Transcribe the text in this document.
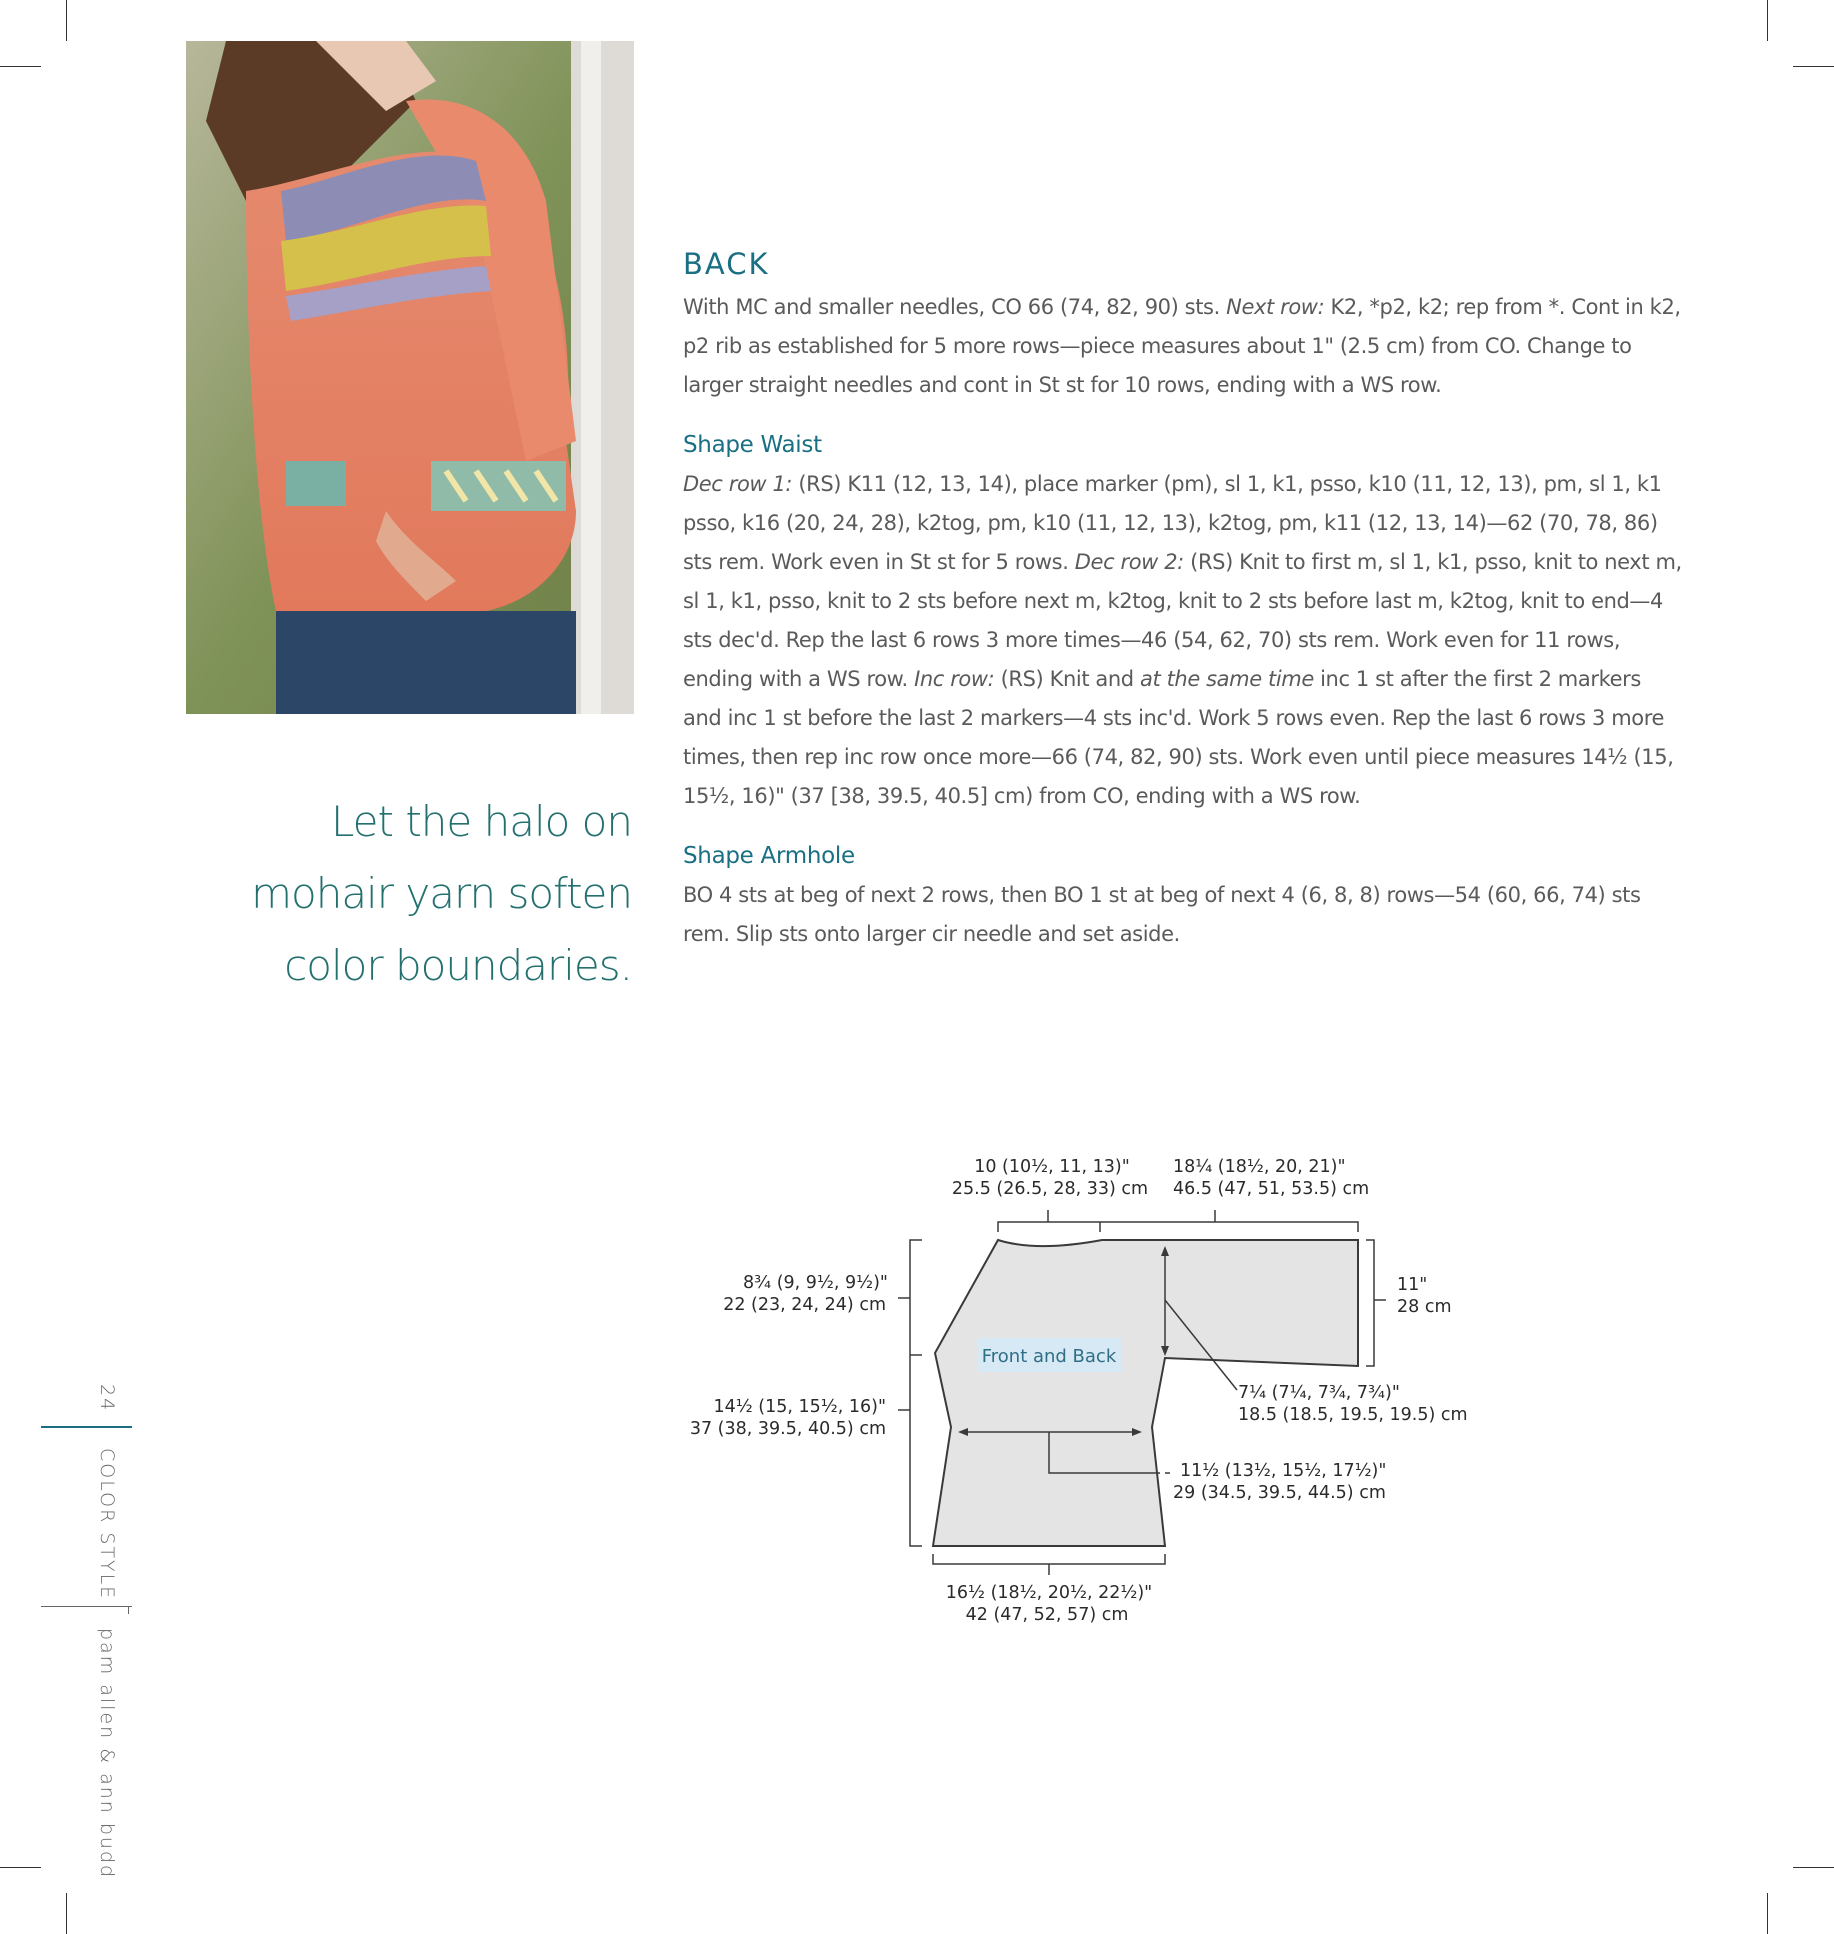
Let the halo on
mohair yarn soften
color boundaries.
BACK

With MC and smaller needles, CO 66 (74, 82, 90) sts. Next row: K2, *p2, k2; rep from *. Cont in k2, p2 rib as established for 5 more rows—piece measures about 1" (2.5 cm) from CO. Change to larger straight needles and cont in St st for 10 rows, ending with a WS row.

Shape Waist

Dec row 1: (RS) K11 (12, 13, 14), place marker (pm), sl 1, k1, psso, k10 (11, 12, 13), pm, sl 1, k1 psso, k16 (20, 24, 28), k2tog, pm, k10 (11, 12, 13), k2tog, pm, k11 (12, 13, 14)—62 (70, 78, 86) sts rem. Work even in St st for 5 rows. Dec row 2: (RS) Knit to first m, sl 1, k1, psso, knit to next m, sl 1, k1, psso, knit to 2 sts before next m, k2tog, knit to 2 sts before last m, k2tog, knit to end—4 sts dec'd. Rep the last 6 rows 3 more times—46 (54, 62, 70) sts rem. Work even for 11 rows, ending with a WS row. Inc row: (RS) Knit and at the same time inc 1 st after the first 2 markers and inc 1 st before the last 2 markers—4 sts inc'd. Work 5 rows even. Rep the last 6 rows 3 more times, then rep inc row once more—66 (74, 82, 90) sts. Work even until piece measures 14½ (15, 15½, 16)" (37 [38, 39.5, 40.5] cm) from CO, ending with a WS row.

Shape Armhole

BO 4 sts at beg of next 2 rows, then BO 1 st at beg of next 4 (6, 8, 8) rows—54 (60, 66, 74) sts rem. Slip sts onto larger cir needle and set aside.

Front and Back
10 (10½, 11, 13)"
25.5 (26.5, 28, 33) cm
18¼ (18½, 20, 21)"
46.5 (47, 51, 53.5) cm
8¾ (9, 9½, 9½)"
22 (23, 24, 24) cm
14½ (15, 15½, 16)"
37 (38, 39.5, 40.5) cm
11"
28 cm
7¼ (7¼, 7¾, 7¾)"
18.5 (18.5, 19.5, 19.5) cm
11½ (13½, 15½, 17½)"
29 (34.5, 39.5, 44.5) cm
16½ (18½, 20½, 22½)"
42 (47, 52, 57) cm
24
COLOR STYLE
pam allen & ann budd
